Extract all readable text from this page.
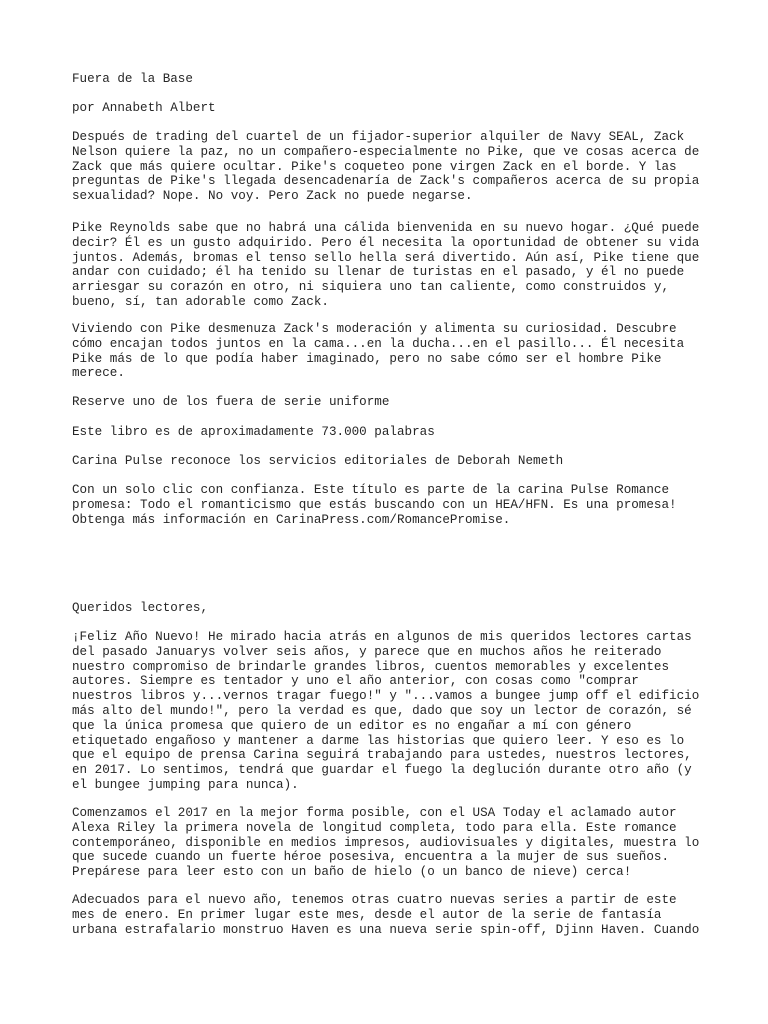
Fuera de la Base

por Annabeth Albert

Después de trading del cuartel de un fijador-superior alquiler de Navy SEAL, Zack
Nelson quiere la paz, no un compañero-especialmente no Pike, que ve cosas acerca de
Zack que más quiere ocultar. Pike's coqueteo pone virgen Zack en el borde. Y las
preguntas de Pike's llegada desencadenaría de Zack's compañeros acerca de su propia
sexualidad? Nope. No voy. Pero Zack no puede negarse.

Pike Reynolds sabe que no habrá una cálida bienvenida en su nuevo hogar. ¿Qué puede
decir? Él es un gusto adquirido. Pero él necesita la oportunidad de obtener su vida
juntos. Además, bromas el tenso sello hella será divertido. Aún así, Pike tiene que
andar con cuidado; él ha tenido su llenar de turistas en el pasado, y él no puede
arriesgar su corazón en otro, ni siquiera uno tan caliente, como construidos y,
bueno, sí, tan adorable como Zack.

Viviendo con Pike desmenuza Zack's moderación y alimenta su curiosidad. Descubre
cómo encajan todos juntos en la cama...en la ducha...en el pasillo... Él necesita
Pike más de lo que podía haber imaginado, pero no sabe cómo ser el hombre Pike
merece.

Reserve uno de los fuera de serie uniforme

Este libro es de aproximadamente 73.000 palabras

Carina Pulse reconoce los servicios editoriales de Deborah Nemeth

Con un solo clic con confianza. Este título es parte de la carina Pulse Romance
promesa: Todo el romanticismo que estás buscando con un HEA/HFN. Es una promesa!
Obtenga más información en CarinaPress.com/RomancePromise.

Queridos lectores,

¡Feliz Año Nuevo! He mirado hacia atrás en algunos de mis queridos lectores cartas
del pasado Januarys volver seis años, y parece que en muchos años he reiterado
nuestro compromiso de brindarle grandes libros, cuentos memorables y excelentes
autores. Siempre es tentador y uno el año anterior, con cosas como "comprar
nuestros libros y...vernos tragar fuego!" y "...vamos a bungee jump off el edificio
más alto del mundo!", pero la verdad es que, dado que soy un lector de corazón, sé
que la única promesa que quiero de un editor es no engañar a mí con género
etiquetado engañoso y mantener a darme las historias que quiero leer. Y eso es lo
que el equipo de prensa Carina seguirá trabajando para ustedes, nuestros lectores,
en 2017. Lo sentimos, tendrá que guardar el fuego la deglución durante otro año (y
el bungee jumping para nunca).

Comenzamos el 2017 en la mejor forma posible, con el USA Today el aclamado autor
Alexa Riley la primera novela de longitud completa, todo para ella. Este romance
contemporáneo, disponible en medios impresos, audiovisuales y digitales, muestra lo
que sucede cuando un fuerte héroe posesiva, encuentra a la mujer de sus sueños.
Prepárese para leer esto con un baño de hielo (o un banco de nieve) cerca!

Adecuados para el nuevo año, tenemos otras cuatro nuevas series a partir de este
mes de enero. En primer lugar este mes, desde el autor de la serie de fantasía
urbana estrafalario monstruo Haven es una nueva serie spin-off, Djinn Haven. Cuando
